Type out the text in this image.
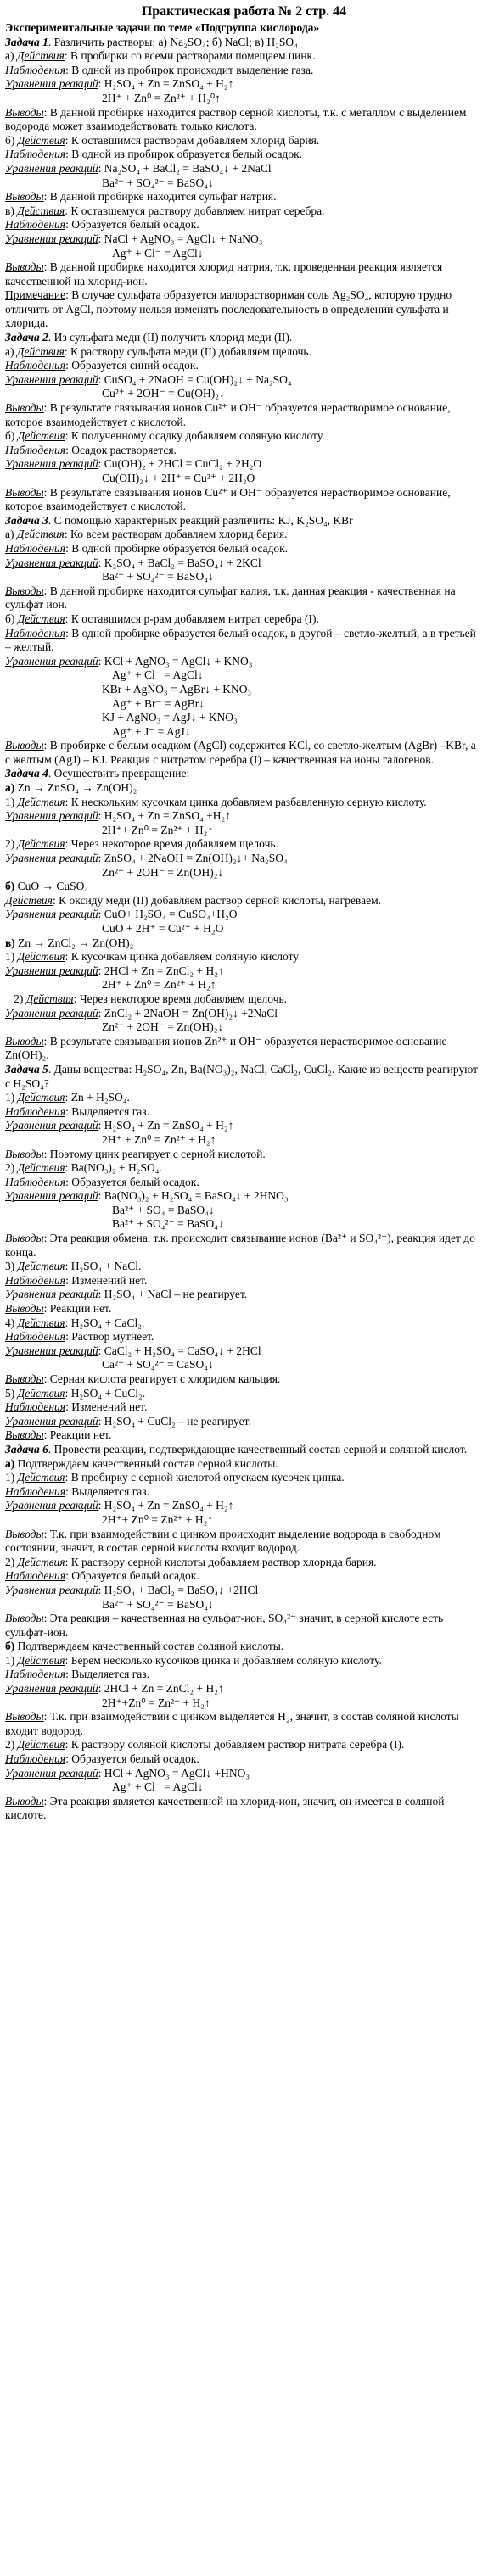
Практическая работа № 2 стр. 44
Экспериментальные задачи по теме «Подгруппа кислорода»
Задача 1. Различить растворы: а) Na₂SO₄; б) NaCl; в) H₂SO₄
а) Действия: В пробирки со всеми растворами помещаем цинк.
Наблюдения: В одной из пробирок происходит выделение газа.
Уравнения реакций: H₂SO₄ + Zn = ZnSO₄ + H₂↑
2H⁺ + Zn⁰ = Zn²⁺ + H₂⁰↑
Выводы: В данной пробирке находится раствор серной кислоты, т.к. с металлом с выделением водорода может взаимодействовать только кислота.
б) Действия: К оставшимся растворам добавляем хлорид бария.
Наблюдения: В одной из пробирок образуется белый осадок.
Уравнения реакций: Na₂SO₄ + BaCl₂ = BaSO₄↓ + 2NaCl
Ba²⁺ + SO₄²⁻ = BaSO₄↓
Выводы: В данной пробирке находится сульфат натрия.
в) Действия: К оставшемуся раствору добавляем нитрат серебра.
Наблюдения: Образуется белый осадок.
Уравнения реакций: NaCl + AgNO₃ = AgCl↓ + NaNO₃
Ag⁺ + Cl⁻ = AgCl↓
Выводы: В данной пробирке находится хлорид натрия, т.к. проведенная реакция является качественной на хлорид-ион.
Примечание: В случае сульфата образуется малорастворимая соль Ag₂SO₄, которую трудно отличить от AgCl, поэтому нельзя изменять последовательность в определении сульфата и хлорида.
Задача 2. Из сульфата меди (II) получить хлорид меди (II).
а) Действия: К раствору сульфата меди (II) добавляем щелочь.
Наблюдения: Образуется синий осадок.
Уравнения реакций: CuSO₄ + 2NaOH = Cu(OH)₂↓ + Na₂SO₄
Cu²⁺ + 2OH⁻ = Cu(OH)₂↓
Выводы: В результате связывания ионов Cu²⁺ и OH⁻ образуется нерастворимое основание, которое взаимодействует с кислотой.
б) Действия: К полученному осадку добавляем соляную кислоту.
Наблюдения: Осадок растворяется.
Уравнения реакций: Cu(OH)₂ + 2HCl = CuCl₂ + 2H₂O
Cu(OH)₂↓ + 2H⁺ = Cu²⁺ + 2H₂O
Выводы: В результате связывания ионов Cu²⁺ и OH⁻ образуется нерастворимое основание, которое взаимодействует с кислотой.
Задача 3. С помощью характерных реакций различить: KJ, K₂SO₄, KBr
а) Действия: Ко всем растворам добавляем хлорид бария.
Наблюдения: В одной пробирке образуется белый осадок.
Уравнения реакций: K₂SO₄ + BaCl₂ = BaSO₄↓ + 2KCl
Ba²⁺ + SO₄²⁻ = BaSO₄↓
Выводы: В данной пробирке находится сульфат калия, т.к. данная реакция - качественная на сульфат ион.
б) Действия: К оставшимся р-рам добавляем нитрат серебра (I).
Наблюдения: В одной пробирке образуется белый осадок, в другой – светло-желтый, а в третьей – желтый.
Уравнения реакций: KCl + AgNO₃ = AgCl↓ + KNO₃
Ag⁺ + Cl⁻ = AgCl↓
KBr + AgNO₃ = AgBr↓ + KNO₃
Ag⁺ + Br⁻ = AgBr↓
KJ + AgNO₃ = AgJ↓ + KNO₃
Ag⁺ + J⁻ = AgJ↓
Выводы: В пробирке с белым осадком (AgCl) содержится KCl, со светло-желтым (AgBr) –KBr, а с желтым (AgJ) – KJ. Реакция с нитратом серебра (I) – качественная на ионы галогенов.
Задача 4. Осуществить превращение:
а) Zn → ZnSO₄ → Zn(OH)₂
1) Действия: К нескольким кусочкам цинка добавляем разбавленную серную кислоту.
Уравнения реакций: H₂SO₄ + Zn = ZnSO₄ +H₂↑
2H⁺+ Zn⁰ = Zn²⁺ + H₂↑
2) Действия: Через некоторое время добавляем щелочь.
Уравнения реакций: ZnSO₄ + 2NaOH = Zn(OH)₂↓+ Na₂SO₄
Zn²⁺ + 2OH⁻ = Zn(OH)₂↓
б) CuO → CuSO₄
Действия: К оксиду меди (II) добавляем раствор серной кислоты, нагреваем.
Уравнения реакций: CuO+ H₂SO₄ = CuSO₄+H₂O
CuO + 2H⁺ = Cu²⁺ + H₂O
в) Zn → ZnCl₂ → Zn(OH)₂
1) Действия: К кусочкам цинка добавляем соляную кислоту
Уравнения реакций: 2HCl + Zn = ZnCl₂ + H₂↑
2H⁺ + Zn⁰ = Zn²⁺ + H₂↑
2) Действия: Через некоторое время добавляем щелочь.
Уравнения реакций: ZnCl₂ + 2NaOH = Zn(OH)₂↓ +2NaCl
Zn²⁺ + 2OH⁻ = Zn(OH)₂↓
Выводы: В результате связывания ионов Zn²⁺ и OH⁻ образуется нерастворимое основание Zn(OH)₂.
Задача 5. Даны вещества: H₂SO₄, Zn, Ba(NO₃)₂, NaCl, CaCl₂, CuCl₂. Какие из веществ реагируют с H₂SO₄?
1) Действия: Zn + H₂SO₄.
Наблюдения: Выделяется газ.
Уравнения реакций: H₂SO₄ + Zn = ZnSO₄ + H₂↑
2H⁺ + Zn⁰ = Zn²⁺ + H₂↑
Выводы: Поэтому цинк реагирует с серной кислотой.
2) Действия: Ba(NO₃)₂ + H₂SO₄.
Наблюдения: Образуется белый осадок.
Уравнения реакций: Ba(NO₃)₂ + H₂SO₄ = BaSO₄↓ + 2HNO₃
Ba²⁺ + SO₄ = BaSO₄↓
Ba²⁺ + SO₄²⁻ = BaSO₄↓
Выводы: Эта реакция обмена, т.к. происходит связывание ионов (Ba²⁺ и SO₄²⁻), реакция идет до конца.
3) Действия: H₂SO₄ + NaCl.
Наблюдения: Изменений нет.
Уравнения реакций: H₂SO₄ + NaCl – не реагирует.
Выводы: Реакции нет.
4) Действия: H₂SO₄ + CaCl₂.
Наблюдения: Раствор мутнеет.
Уравнения реакций: CaCl₂ + H₂SO₄ = CaSO₄↓ + 2HCl
Ca²⁺ + SO₄²⁻ = CaSO₄↓
Выводы: Серная кислота реагирует с хлоридом кальция.
5) Действия: H₂SO₄ + CuCl₂.
Наблюдения: Изменений нет.
Уравнения реакций: H₂SO₄ + CuCl₂ – не реагирует.
Выводы: Реакции нет.
Задача 6. Провести реакции, подтверждающие качественный состав серной и соляной кислот.
а) Подтверждаем качественный состав серной кислоты.
1) Действия: В пробирку с серной кислотой опускаем кусочек цинка.
Наблюдения: Выделяется газ.
Уравнения реакций: H₂SO₄ + Zn = ZnSO₄ + H₂↑
2H⁺+ Zn⁰ = Zn²⁺ + H₂↑
Выводы: Т.к. при взаимодействии с цинком происходит выделение водорода в свободном состоянии, значит, в состав серной кислоты входит водород.
2) Действия: К раствору серной кислоты добавляем раствор хлорида бария.
Наблюдения: Образуется белый осадок.
Уравнения реакций: H₂SO₄ + BaCl₂ = BaSO₄↓ +2HCl
Ba²⁺ + SO₄²⁻ = BaSO₄↓
Выводы: Эта реакция – качественная на сульфат-ион, SO₄²⁻ значит, в серной кислоте есть сульфат-ион.
б) Подтверждаем качественный состав соляной кислоты.
1) Действия: Берем несколько кусочков цинка и добавляем соляную кислоту.
Наблюдения: Выделяется газ.
Уравнения реакций: 2HCl + Zn = ZnCl₂ + H₂↑
2H⁺+Zn⁰ = Zn²⁺ + H₂↑
Выводы: Т.к. при взаимодействии с цинком выделяется H₂, значит, в состав соляной кислоты входит водород.
2) Действия: К раствору соляной кислоты добавляем раствор нитрата серебра (I).
Наблюдения: Образуется белый осадок.
Уравнения реакций: HCl + AgNO₃ = AgCl↓ +HNO₃
Ag⁺ + Cl⁻ = AgCl↓
Выводы: Эта реакция является качественной на хлорид-ион, значит, он имеется в соляной  кислоте.
